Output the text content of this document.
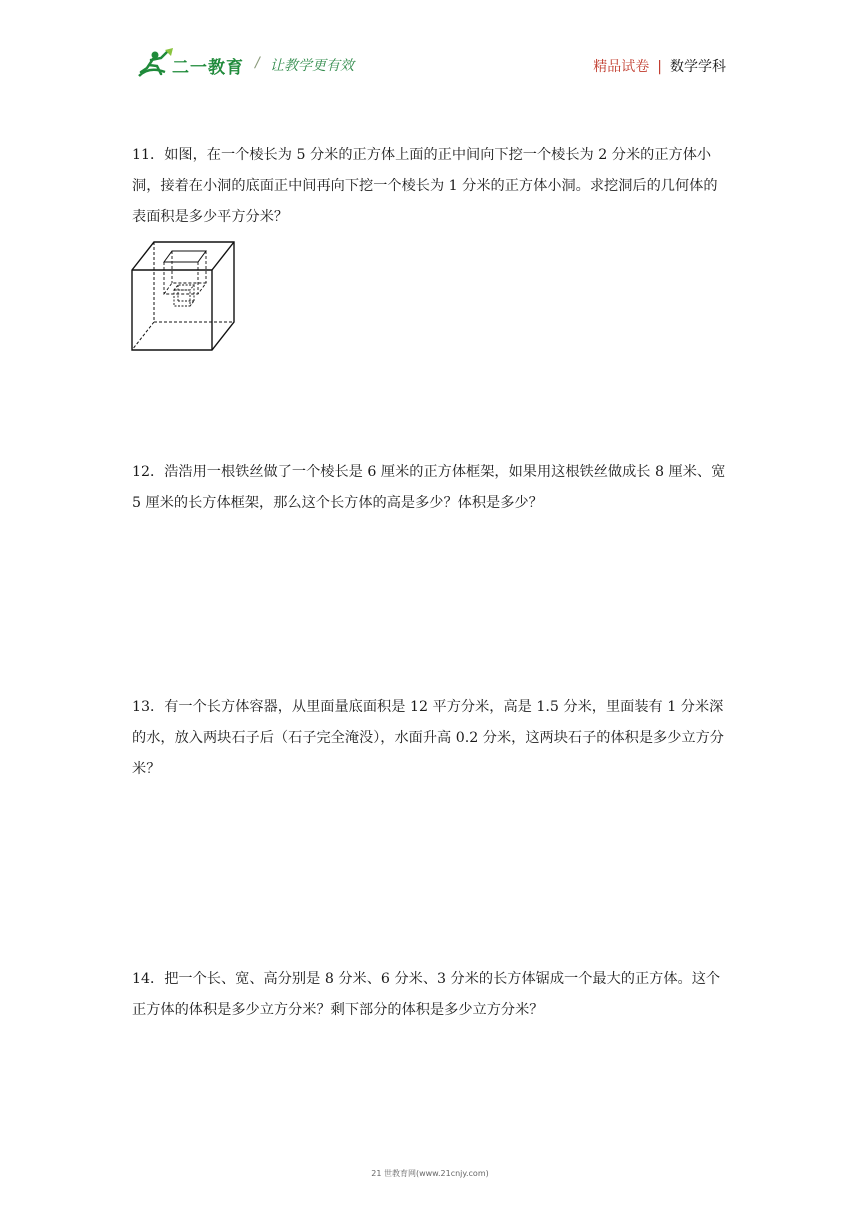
二一教育 / 让教学更有效	精品试卷 | 数学学科
11．如图，在一个棱长为 5 分米的正方体上面的正中间向下挖一个棱长为 2 分米的正方体小洞，接着在小洞的底面正中间再向下挖一个棱长为 1 分米的正方体小洞。求挖洞后的几何体的表面积是多少平方分米？
12．浩浩用一根铁丝做了一个棱长是 6 厘米的正方体框架，如果用这根铁丝做成长 8 厘米、宽 5 厘米的长方体框架，那么这个长方体的高是多少？体积是多少？
13．有一个长方体容器，从里面量底面积是 12 平方分米，高是 1.5 分米，里面装有 1 分米深的水，放入两块石子后（石子完全淹没），水面升高 0.2 分米，这两块石子的体积是多少立方分米？
14．把一个长、宽、高分别是 8 分米、6 分米、3 分米的长方体锯成一个最大的正方体。这个正方体的体积是多少立方分米？剩下部分的体积是多少立方分米？
21 世教育网(www.21cnjy.com)
